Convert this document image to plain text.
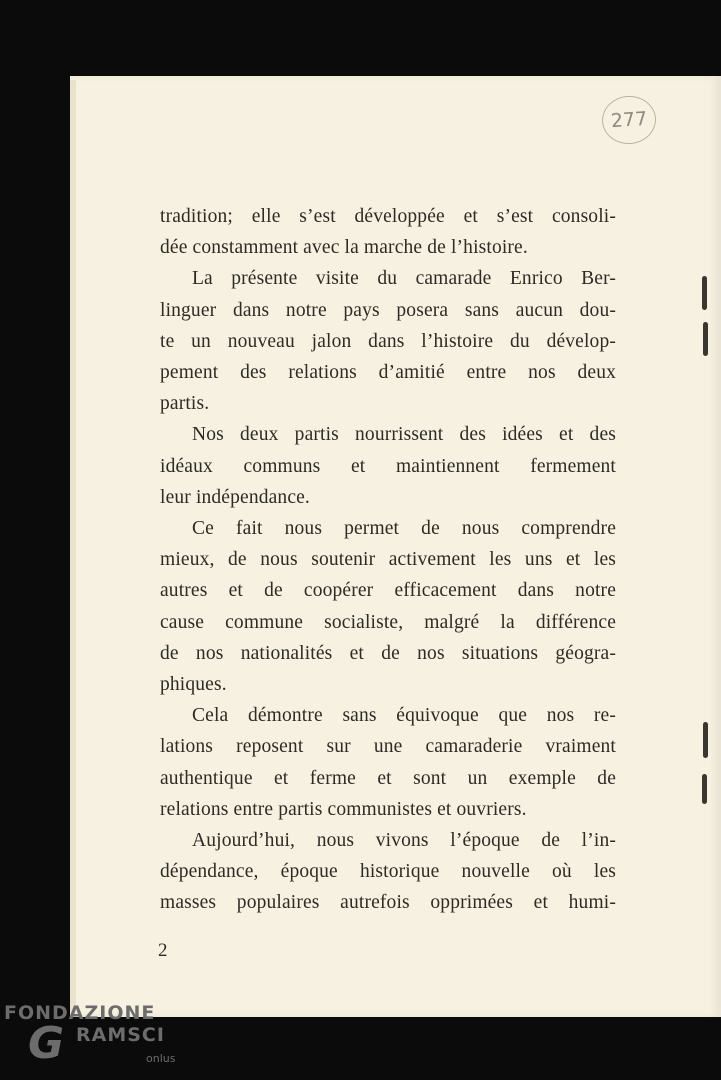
277
tradition; elle s’est développée et s’est consoli-
dée constamment avec la marche de l’histoire.
La présente visite du camarade Enrico Ber-
linguer dans notre pays posera sans aucun dou-
te un nouveau jalon dans l’histoire du dévelop-
pement des relations d’amitié entre nos deux
partis.
Nos deux partis nourrissent des idées et des
idéaux communs et maintiennent fermement
leur indépendance.
Ce fait nous permet de nous comprendre
mieux, de nous soutenir activement les uns et les
autres et de coopérer efficacement dans notre
cause commune socialiste, malgré la différence
de nos nationalités et de nos situations géogra-
phiques.
Cela démontre sans équivoque que nos re-
lations reposent sur une camaraderie vraiment
authentique et ferme et sont un exemple de
relations entre partis communistes et ouvriers.
Aujourd’hui, nous vivons l’époque de l’in-
dépendance, époque historique nouvelle où les
masses populaires autrefois opprimées et humi-
2
FONDAZIONE
G RAMSCI
onlus
